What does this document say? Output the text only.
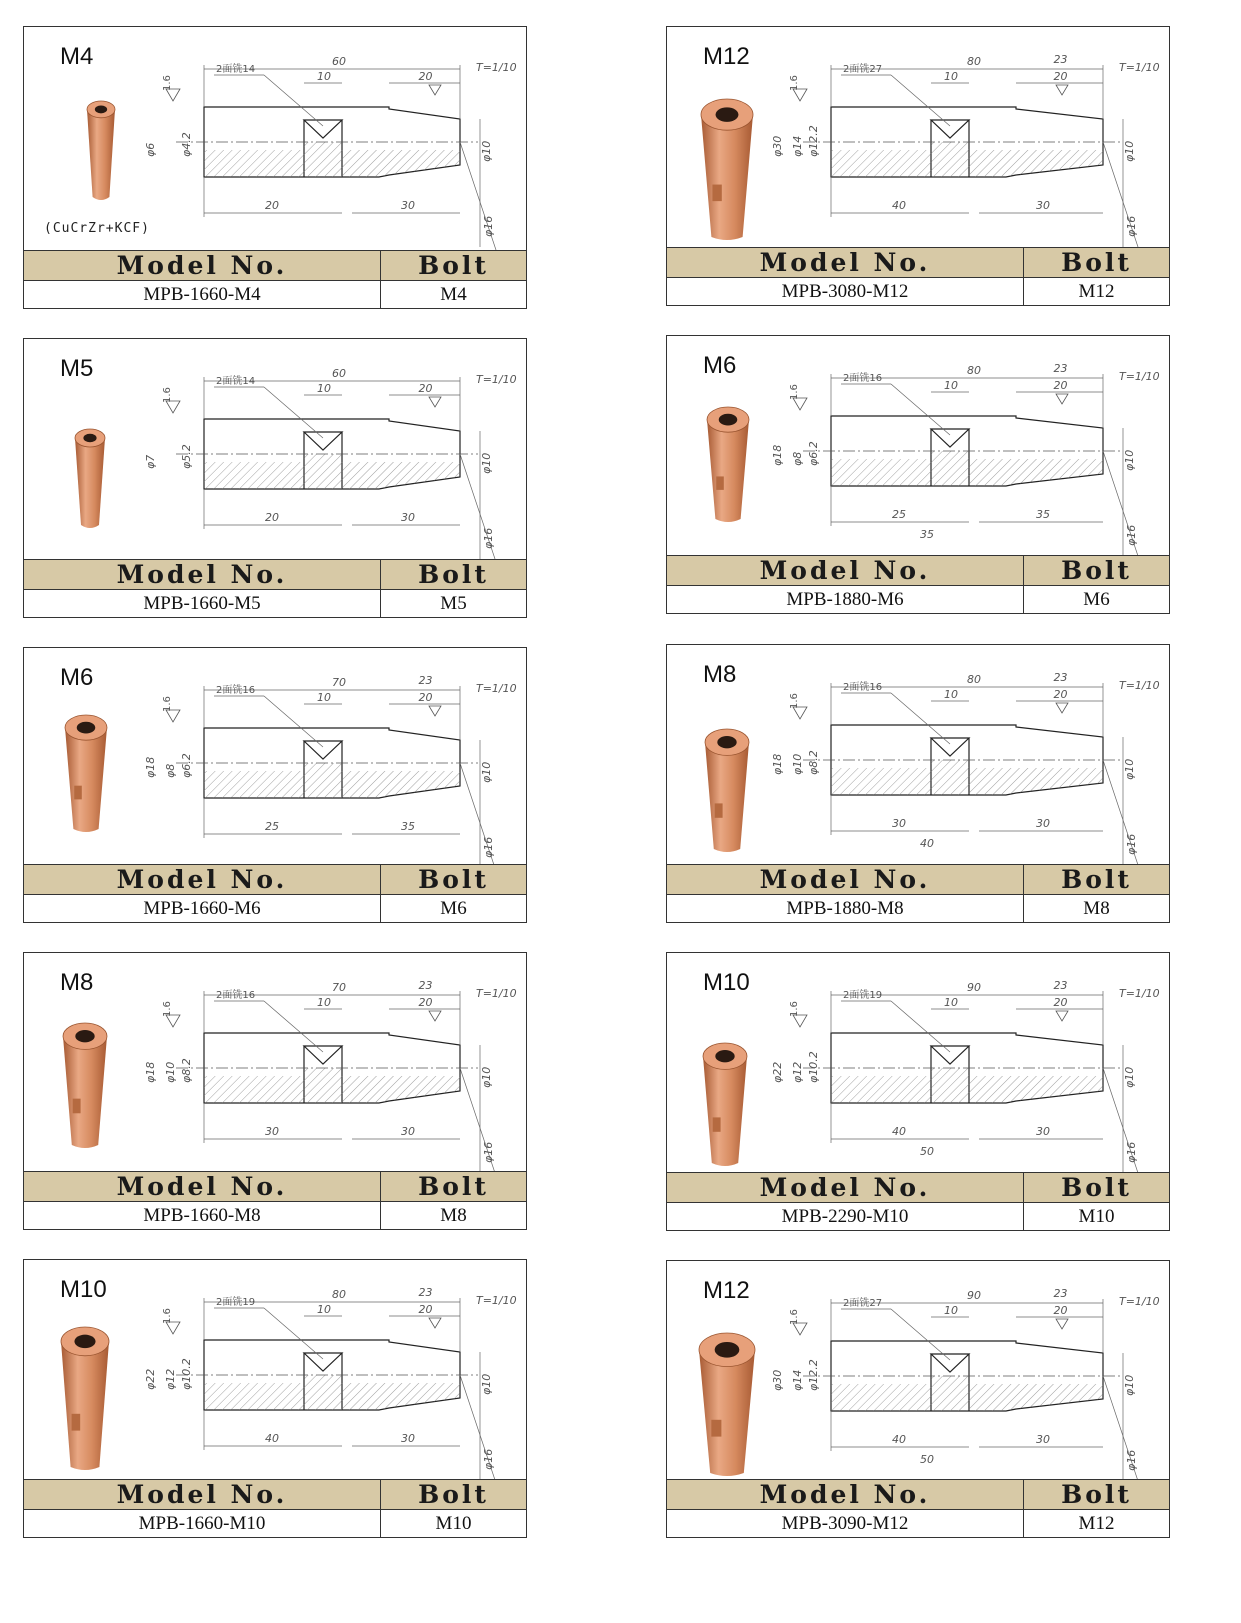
M4	60
2面铣14
10	20
T=1/10
1.6
φ6 φ4.2	φ10
φ16
20	30
(CuCrZr+KCF)
Model No.	Bolt
MPB-1660-M4	M4
M12	80
2面铣27
10
23
20
T=1/10
1.6
φ30 φ14 φ12.2	φ10
φ16
40	30
Model No.	Bolt
MPB-3080-M12	M12
M5	60
2面铣14
10	20
T=1/10
1.6
φ7 φ5.2	φ10
φ16
20	30
Model No.	Bolt
MPB-1660-M5	M5
M6	80
2面铣16
10
23
20
T=1/10
1.6
φ18 φ8 φ6.2	φ10
φ16
25
35
35
Model No.	Bolt
MPB-1880-M6	M6
M6	70
2面铣16
10
23
20
T=1/10
1.6
φ18 φ8 φ6.2	φ10
φ16
25	35
Model No.	Bolt
MPB-1660-M6	M6
M8	80
2面铣16
10
23
20
T=1/10
1.6
φ18 φ10 φ8.2	φ10
φ16
30
40
30
Model No.	Bolt
MPB-1880-M8	M8
M8	70
2面铣16
10
23
20
T=1/10
1.6
φ18 φ10 φ8.2	φ10
φ16
30	30
Model No.	Bolt
MPB-1660-M8	M8
M10	90
2面铣19
10
23
20
T=1/10
1.6
φ22 φ12 φ10.2	φ10
φ16
40
50
30
Model No.	Bolt
MPB-2290-M10	M10
M10	80
2面铣19
10
23
20
T=1/10
1.6
φ22 φ12 φ10.2	φ10
φ16
40	30
Model No.	Bolt
MPB-1660-M10	M10
M12	90
2面铣27
10
23
20
T=1/10
1.6
φ30 φ14 φ12.2	φ10
φ16
40
50
30
Model No.	Bolt
MPB-3090-M12	M12
